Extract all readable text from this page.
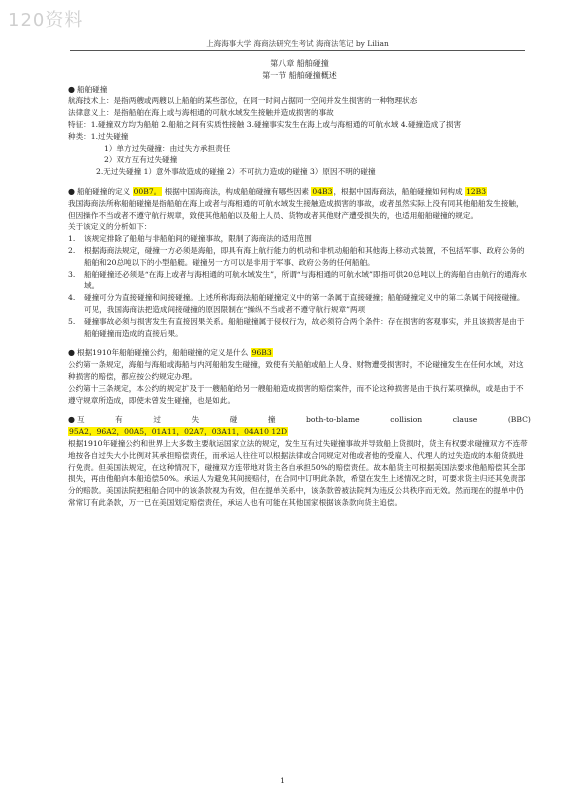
120资料
上海海事大学 海商法研究生考试 海商法笔记 by Lilian

第八章 船舶碰撞

第一节 船舶碰撞概述

● 船舶碰撞

航海技术上：是指两艘或两艘以上船舶的某些部位，在同一时间占据同一空间并发生损害的一种物理状态

法律意义上：是指船舶在海上或与海相通的可航水域发生接触并造成损害的事故

特征：1.碰撞双方均为船舶 2.船舶之间有实质性接触 3.碰撞事实发生在海上或与海相通的可航水域 4.碰撞造成了损害

种类：1.过失碰撞

1）单方过失碰撞：由过失方承担责任

2）双方互有过失碰撞

2.无过失碰撞 1）意外事故造成的碰撞 2）不可抗力造成的碰撞 3）原因不明的碰撞

● 船舶碰撞的定义 00B7。 根据中国海商法，构成船舶碰撞有哪些因素 04B3，根据中国海商法，船舶碰撞如何构成 12B3

我国海商法所称船舶碰撞是指船舶在海上或者与海相通的可航水域发生接触造成损害的事故，或者虽然实际上没有同其他船舶发生接触，但因操作不当或者不遵守航行规章，致使其他船舶以及船上人员、货物或者其他财产遭受损失的，也适用船舶碰撞的规定。

关于该定义的分析如下：

1.	该规定排除了船舶与非船舶间的碰撞事故，限制了海商法的适用范围
2.	根据海商法规定，碰撞一方必须是海船，即具有海上航行能力的机动和非机动船舶和其他海上移动式装置，不包括军事、政府公务的船舶和20总吨以下的小型船艇。碰撞另一方可以是非用于军事、政府公务的任何船舶。
3.	船舶碰撞还必须是“在海上或者与海相通的可航水域发生”，所谓“与海相通的可航水域”即指可供20总吨以上的海船自由航行的通海水域。
4.	碰撞可分为直接碰撞和间接碰撞。上述所称海商法船舶碰撞定义中的第一条属于直接碰撞；船舶碰撞定义中的第二条属于间接碰撞。可见，我国海商法把造成间接碰撞的原因限制在“操纵不当或者不遵守航行规章”两项
5.	碰撞事故必须与损害发生有直接因果关系。船舶碰撞属于侵权行为，故必须符合两个条件：存在损害的客观事实，并且该损害是由于船舶碰撞而造成的直接后果。
● 根据1910年船舶碰撞公约，船舶碰撞的定义是什么 96B3

公约第一条规定，海船与海船或海船与内河船舶发生碰撞，致使有关船舶或船上人身、财物遭受损害时，不论碰撞发生在任何水域，对这种损害的赔偿，都应按公约规定办理。

公约第十三条规定，本公约的规定扩及于一艘船舶给另一艘船舶造成损害的赔偿案件，而不论这种损害是由于执行某项操纵，或是由于不遵守规章所造成，即使未曾发生碰撞，也是如此。

● 互	有	过	失	碰	撞	both-to-blame	collision	clause	(BBC)

95A2，96A2，00A5，01A11，02A7，03A11，04A10 12D

根据1910年碰撞公约和世界上大多数主要航运国家立法的规定，发生互有过失碰撞事故并导致船上货损时，货主有权要求碰撞双方不连带地按各自过失大小比例对其承担赔偿责任，而承运人往往可以根据法律或合同规定对他或者他的受雇人、代理人的过失造成的本船货损进行免责。但美国法规定，在这种情况下，碰撞双方连带地对货主各自承担50%的赔偿责任。故本船货主可根据美国法要求他船赔偿其全部损失，再由他船向本船追偿50%。承运人为避免其间接赔付，在合同中订明此条款，希望在发生上述情况之时，可要求货主归还其免责部分的赔款。美国法院把租船合同中的该条款视为有效，但在提单关系中，该条款曾被法院判为违反公共秩序而无效。然而现在的提单中仍常常订有此条款，万一已在美国划定赔偿责任，承运人也有可能在其他国家根据该条款向货主追偿。

1
